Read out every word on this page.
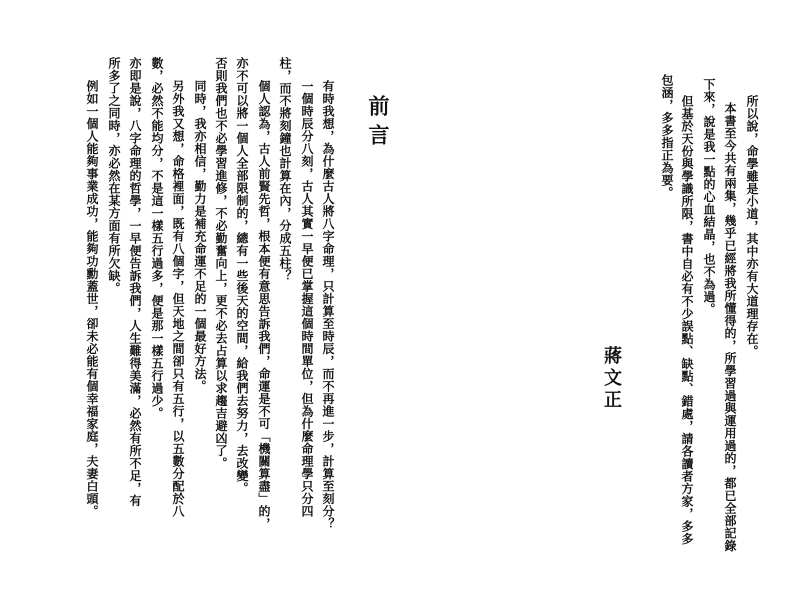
所以說，命學雖是小道，其中亦有大道理存在。
本書至今共有兩集，幾乎已經將我所懂得的，所學習過與運用過的，都已全部記錄
下來，說是我一點的心血結晶，也不為過。
但基於天份與學識所限，書中自必有不少誤點、缺點、錯處，請各讀者方家，多多
包涵，多多指正為要。
蔣文正
前言
有時我想，為什麼古人將八字命理，只計算至時辰，而不再進一步，計算至刻分？
一個時辰分八刻，古人其實一早便已掌握這個時間單位，但為什麼命理學只分四
柱，而不將刻鐘也計算在內，分成五柱？
個人認為，古人前賢先哲，根本便有意思告訴我們，命運是不可「機關算盡」的，
亦不可以將一個人全部限制的，總有一些後天的空間，給我們去努力，去改變。
否則我們也不必學習進修，不必勤奮向上，更不必去占算以求趨吉避凶了。
同時，我亦相信，勤力是補充命運不足的一個最好方法。
另外我又想，命格裡面，既有八個字，但天地之間卻只有五行，以五數分配於八
數，必然不能均分，不是這一樣五行過多，便是那一樣五行過少。
亦即是說，八字命理的哲學，一早便告訴我們，人生難得美滿，必然有所不足，有
所多了之同時，亦必然在某方面有所欠缺。
例如一個人能夠事業成功，能夠功勳蓋世，卻未必能有個幸福家庭，夫妻白頭。
